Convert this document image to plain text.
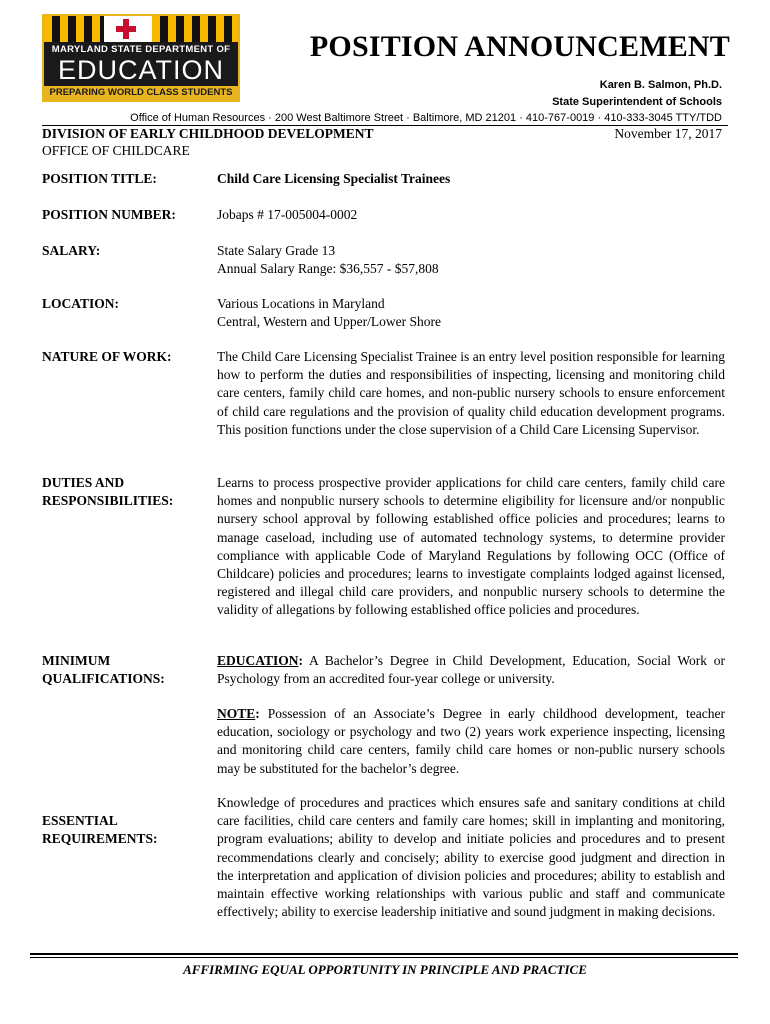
MARYLAND STATE DEPARTMENT OF
EDUCATION
PREPARING WORLD CLASS STUDENTS
POSITION ANNOUNCEMENT
Karen B. Salmon, Ph.D.
State Superintendent of Schools
Office of Human Resources · 200 West Baltimore Street · Baltimore, MD 21201 · 410-767-0019 · 410-333-3045 TTY/TDD
DIVISION OF EARLY CHILDHOOD DEVELOPMENT	November 17, 2017
OFFICE OF CHILDCARE
POSITION TITLE:	Child Care Licensing Specialist Trainees
POSITION NUMBER:	Jobaps # 17-005004-0002
SALARY:	State Salary Grade 13
Annual Salary Range: $36,557 - $57,808
LOCATION:	Various Locations in Maryland
Central, Western and Upper/Lower Shore
NATURE OF WORK:	The Child Care Licensing Specialist Trainee is an entry level position responsible for learning how to perform the duties and responsibilities of inspecting, licensing and monitoring child care centers, family child care homes, and non-public nursery schools to ensure enforcement of child care regulations and the provision of quality child education development programs. This position functions under the close supervision of a Child Care Licensing Supervisor.
DUTIES AND
RESPONSIBILITIES:
Learns to process prospective provider applications for child care centers, family child care homes and nonpublic nursery schools to determine eligibility for licensure and/or nonpublic nursery school approval by following established office policies and procedures; learns to manage caseload, including use of automated technology systems, to determine provider compliance with applicable Code of Maryland Regulations by following OCC (Office of Childcare) policies and procedures; learns to investigate complaints lodged against licensed, registered and illegal child care providers, and nonpublic nursery schools to determine the validity of allegations by following established office policies and procedures.
MINIMUM
QUALIFICATIONS:
EDUCATION: A Bachelor’s Degree in Child Development, Education, Social Work or Psychology from an accredited four-year college or university.
NOTE: Possession of an Associate’s Degree in early childhood development, teacher education, sociology or psychology and two (2) years work experience inspecting, licensing and monitoring child care centers, family child care homes or non-public nursery schools may be substituted for the bachelor’s degree.
ESSENTIAL
REQUIREMENTS:
Knowledge of procedures and practices which ensures safe and sanitary conditions at child care facilities, child care centers and family care homes; skill in implanting and monitoring, program evaluations; ability to develop and initiate policies and procedures and to present recommendations clearly and concisely; ability to exercise good judgment and direction in the interpretation and application of division policies and procedures; ability to establish and maintain effective working relationships with various public and staff and communicate effectively; ability to exercise leadership initiative and sound judgment in making decisions.
AFFIRMING EQUAL OPPORTUNITY IN PRINCIPLE AND PRACTICE
